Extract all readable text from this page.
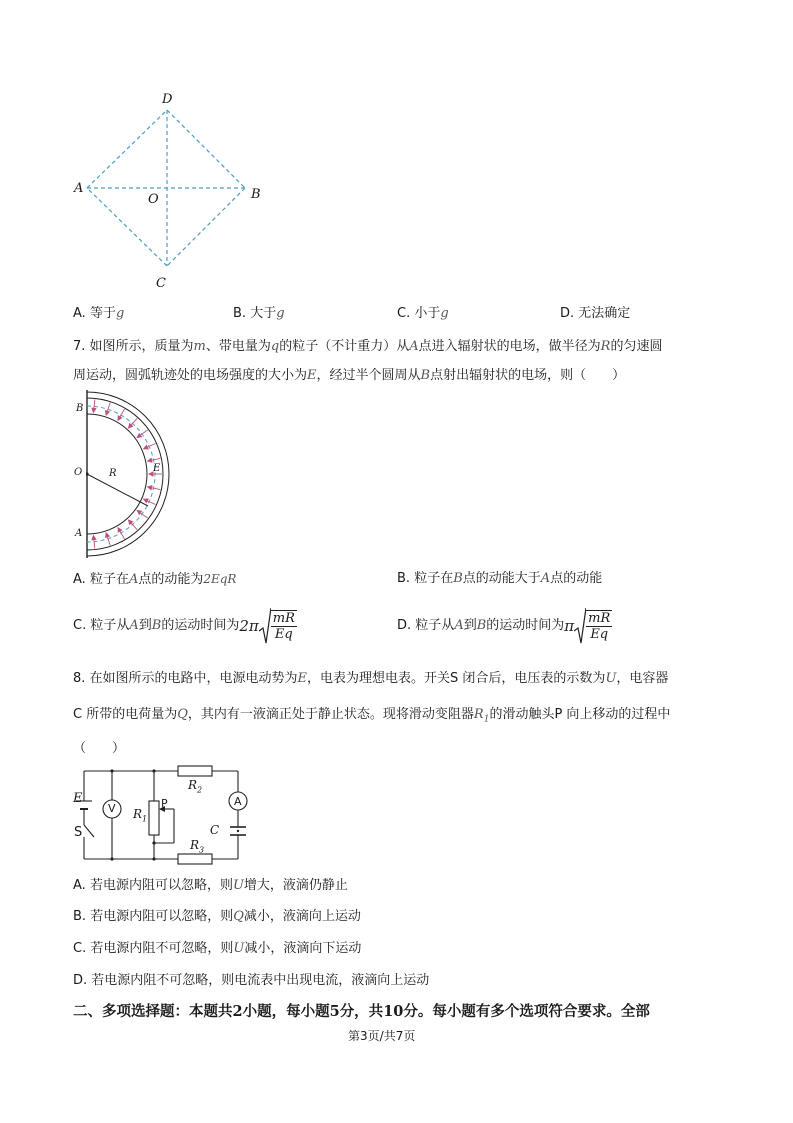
D
A
O	B
C
A. 等于g	B. 大于g	C. 小于g	D. 无法确定
7. 如图所示，质量为m、带电量为q的粒子（不计重力）从A点进入辐射状的电场，做半径为R的匀速圆
周运动，圆弧轨迹处的电场强度的大小为E，经过半个圆周从B点射出辐射状的电场，则（　　）
B
O	R	E
A
A. 粒子在A点的动能为2EqR	B. 粒子在B点的动能大于A点的动能
C.
粒子从 A 到 B 的运动时间为 $2\pi \frac{mR}{Eq}$	D.
粒子从 A 到 B 的运动时间为 π $\frac{mR}{Eq}$
8. 在如图所示的电路中，电源电动势为E，电表为理想电表。开关S 闭合后，电压表的示数为U，电容器
C 所带的电荷量为Q，其内有一液滴正处于静止状态。现将滑动变阻器$R_1$的滑动触头P 向上移动的过程中
（　　）
E
S
V $R_1$
P
$R_2$
A
C
$R_3$
A. 若电源内阻可以忽略，则U增大，液滴仍静止
B. 若电源内阻可以忽略，则Q减小，液滴向上运动
C. 若电源内阻不可忽略，则U减小，液滴向下运动
D. 若电源内阻不可忽略，则电流表中出现电流，液滴向上运动
二、多项选择题：本题共2小题，每小题5分，共10分。每小题有多个选项符合要求。全部
第3页/共7页
